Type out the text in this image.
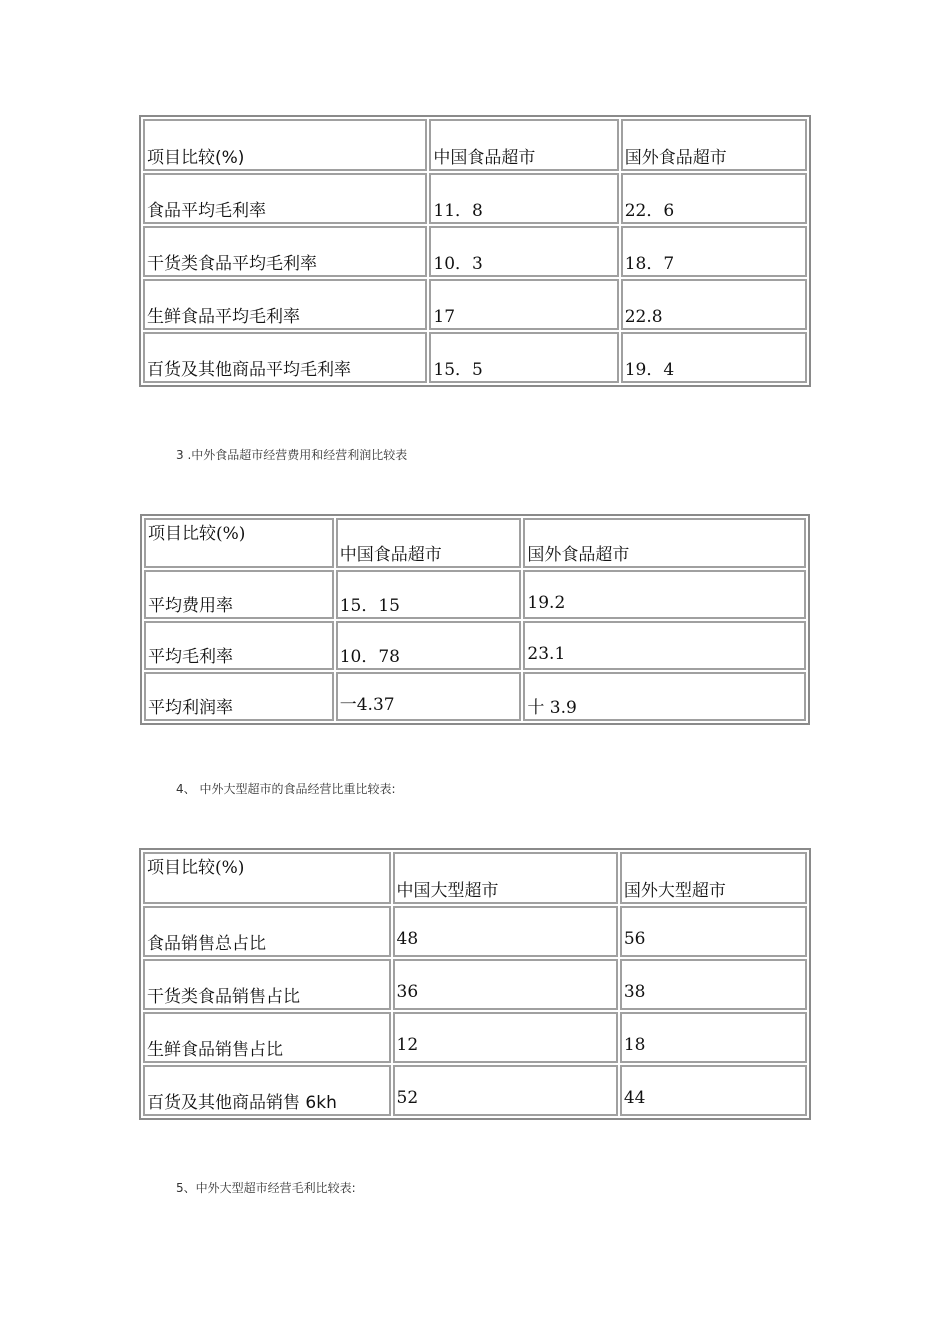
项目比较(%)	中国食品超市	国外食品超市
食品平均毛利率	11．8	22．6
干货类食品平均毛利率	10．3	18．7
生鲜食品平均毛利率	17	22.8
百货及其他商品平均毛利率	15．5	19．4
3 .中外食品超市经营费用和经营利润比较表
项目比较(%)	中国食品超市	国外食品超市
平均费用率	15．15	19.2
平均毛利率	10．78	23.1
平均利润率	一4.37	十 3.9
4、 中外大型超市的食品经营比重比较表:
项目比较(%)	中国大型超市	国外大型超市
食品销售总占比	48	56
干货类食品销售占比	36	38
生鲜食品销售占比	12	18
百货及其他商品销售 6kh	52	44
5、中外大型超市经营毛利比较表:
